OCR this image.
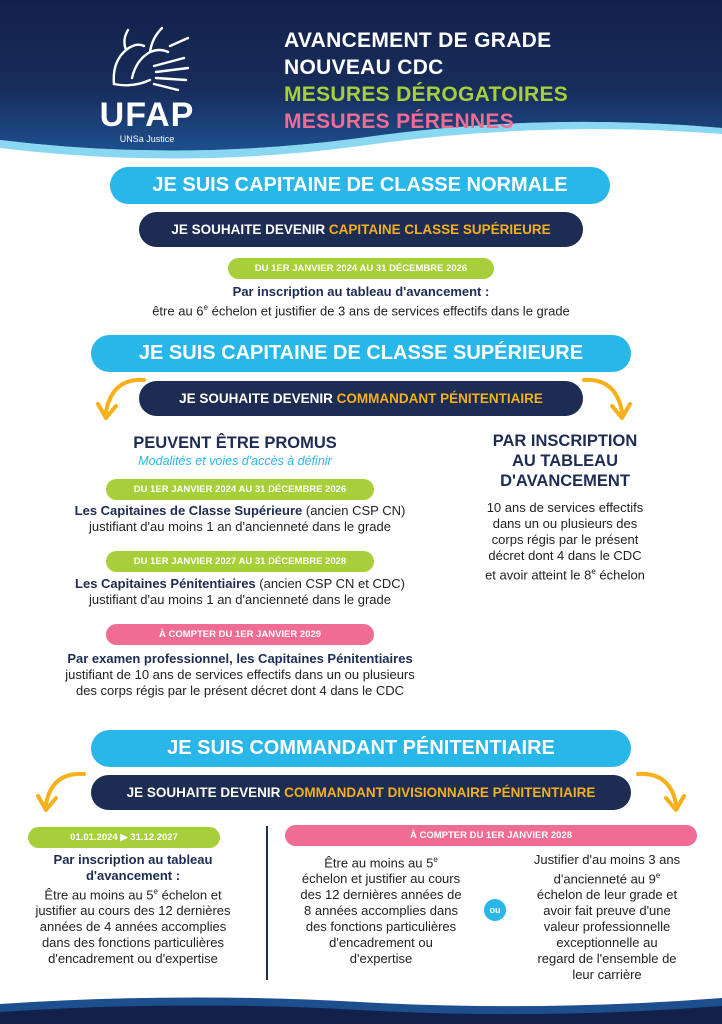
UFAP
UNSa Justice
AVANCEMENT DE GRADE
NOUVEAU CDC
MESURES DÉROGATOIRES
MESURES PÉRENNES
JE SUIS CAPITAINE DE CLASSE NORMALE
JE SOUHAITE DEVENIR CAPITAINE CLASSE SUPÉRIEURE
DU 1ER JANVIER 2024 AU 31 DÉCEMBRE 2026
Par inscription au tableau d'avancement :
être au 6e échelon et justifier de 3 ans de services effectifs dans le grade
JE SUIS CAPITAINE DE CLASSE SUPÉRIEURE
JE SOUHAITE DEVENIR COMMANDANT PÉNITENTIAIRE
PEUVENT ÊTRE PROMUS
Modalités et voies d'accès à définir
DU 1ER JANVIER 2024 AU 31 DÉCEMBRE 2026
Les Capitaines de Classe Supérieure (ancien CSP CN)
justifiant d'au moins 1 an d'ancienneté dans le grade
DU 1ER JANVIER 2027 AU 31 DÉCEMBRE 2028
Les Capitaines Pénitentiaires (ancien CSP CN et CDC)
justifiant d'au moins 1 an d'ancienneté dans le grade
À COMPTER DU 1ER JANVIER 2029
Par examen professionnel, les Capitaines Pénitentiaires
justifiant de 10 ans de services effectifs dans un ou plusieurs
des corps régis par le présent décret dont 4 dans le CDC
PAR INSCRIPTION
AU TABLEAU
D'AVANCEMENT
10 ans de services effectifs
dans un ou plusieurs des
corps régis par le présent
décret dont 4 dans le CDC
et avoir atteint le 8e échelon
JE SUIS COMMANDANT PÉNITENTIAIRE
JE SOUHAITE DEVENIR COMMANDANT DIVISIONNAIRE PÉNITENTIAIRE
01.01.2024 ▶ 31.12.2027
Par inscription au tableau
d'avancement :
Être au moins au 5e échelon et
justifier au cours des 12 dernières
années de 4 années accomplies
dans des fonctions particulières
d'encadrement ou d'expertise
À COMPTER DU 1ER JANVIER 2028
Être au moins au 5e
échelon et justifier au cours
des 12 dernières années de
8 années accomplies dans
des fonctions particulières
d'encadrement ou
d'expertise
ou
Justifier d'au moins 3 ans
d'ancienneté au 9e
échelon de leur grade et
avoir fait preuve d'une
valeur professionnelle
exceptionnelle au
regard de l'ensemble de
leur carrière
